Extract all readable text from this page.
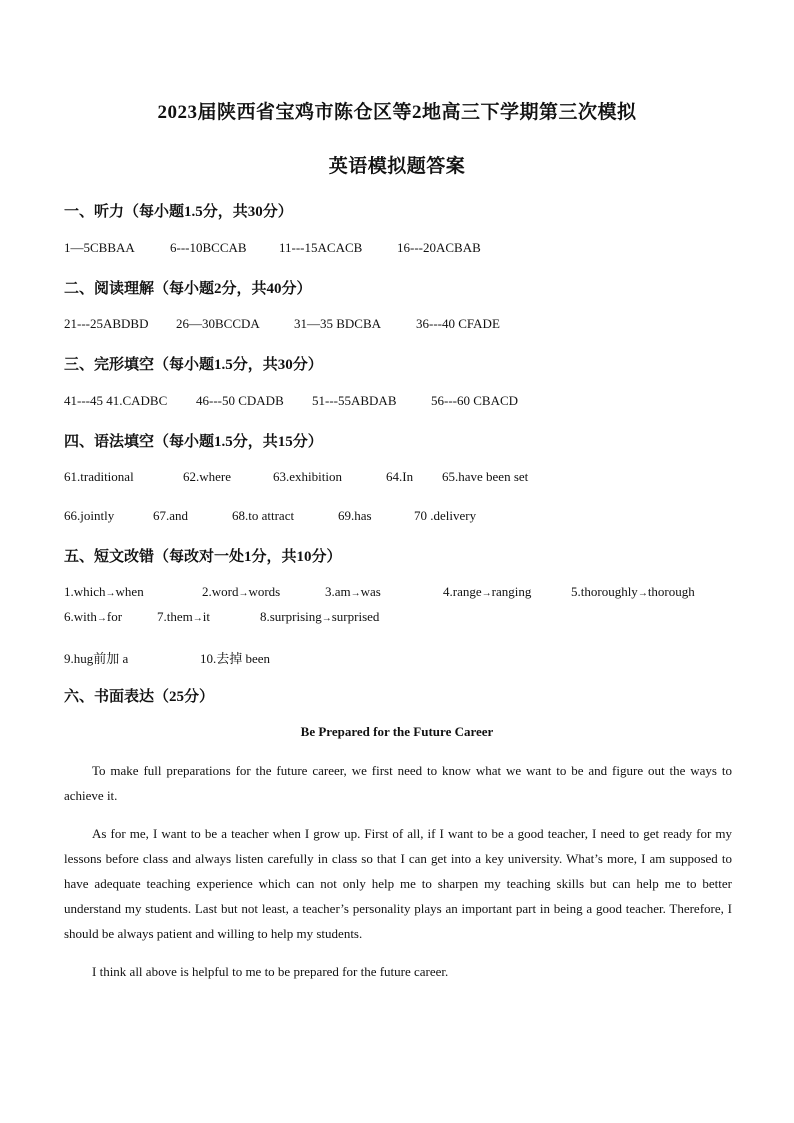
2023届陕西省宝鸡市陈仓区等2地高三下学期第三次模拟
英语模拟题答案
一、听力（每小题1.5分，共30分）
1—5CBBAA	6---10BCCAB 11---15ACACB	16---20ACBAB
二、阅读理解（每小题2分，共40分）
21---25ABDBD 26—30BCCDA	31—35 BDCBA	36---40 CFADE
三、完形填空（每小题1.5分，共30分）
41---45 41.CADBC 46---50 CDADB 51---55ABDAB	56---60 CBACD
四、语法填空（每小题1.5分，共15分）
61.traditional	62.where	63.exhibition	64.In 65.have been set
66.jointly	67.and	68.to attract	69.has	70 .delivery
五、短文改错（每改对一处1分，共10分）
1.which→when	2.word→words	3.am→was	4.range→ranging	5.thoroughly→thorough
6.with→for	7.them→it	8.surprising→surprised
9.hug前加 a	10.去掉 been
六、书面表达（25分）
Be Prepared for the Future Career

To make full preparations for the future career, we first need to know what we want to be and figure out the ways to achieve it.

As for me, I want to be a teacher when I grow up. First of all, if I want to be a good teacher, I need to get ready for my lessons before class and always listen carefully in class so that I can get into a key university. What’s more, I am supposed to have adequate teaching experience which can not only help me to sharpen my teaching skills but can help me to better understand my students. Last but not least, a teacher’s personality plays an important part in being a good teacher. Therefore, I should be always patient and willing to help my students.

I think all above is helpful to me to be prepared for the future career.
